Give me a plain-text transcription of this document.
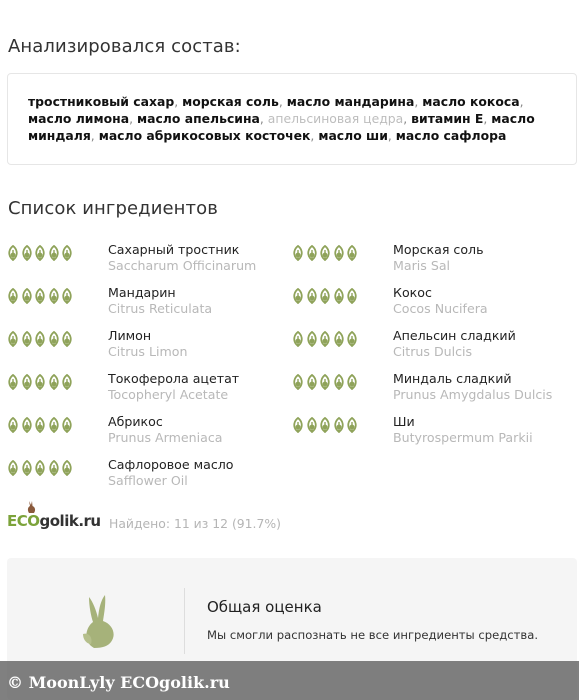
Анализировался состав:
тростниковый сахар, морская соль, масло мандарина, масло кокоса, масло лимона, масло апельсина, апельсиновая цедра, витамин Е, масло миндаля, масло абрикосовых косточек, масло ши, масло сафлора
Список ингредиентов
Сахарный тростник
Saccharum Officinarum
Морская соль
Maris Sal
Мандарин
Citrus Reticulata
Кокос
Cocos Nucifera
Лимон
Citrus Limon
Апельсин сладкий
Citrus Dulcis
Токоферола ацетат
Tocopheryl Acetate
Миндаль сладкий
Prunus Amygdalus Dulcis
Абрикос
Prunus Armeniaca
Ши
Butyrospermum Parkii
Сафлоровое масло
Safflower Oil
ECOgolik.ru Найдено: 11 из 12 (91.7%)
Общая оценка
Мы смогли распознать не все ингредиенты средства.
© MoonLyly ECOgolik.ru
